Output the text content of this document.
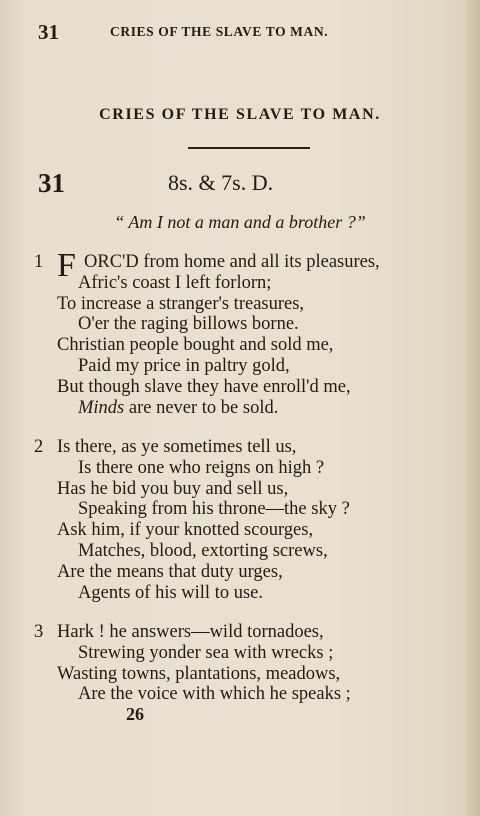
31	CRIES OF THE SLAVE TO MAN.
CRIES OF THE SLAVE TO MAN.
31	8s. & 7s. D.
“ Am I not a man and a brother ?”
1 F ORC'D from home and all its pleasures,
Afric's coast I left forlorn;
To increase a stranger's treasures,
O'er the raging billows borne.
Christian people bought and sold me,
Paid my price in paltry gold,
But though slave they have enroll'd me,
Minds are never to be sold.
2 Is there, as ye sometimes tell us,
Is there one who reigns on high ?
Has he bid you buy and sell us,
Speaking from his throne—the sky ?
Ask him, if your knotted scourges,
Matches, blood, extorting screws,
Are the means that duty urges,
Agents of his will to use.
3 Hark ! he answers—wild tornadoes,
Strewing yonder sea with wrecks ;
Wasting towns, plantations, meadows,
Are the voice with which he speaks ;
26
